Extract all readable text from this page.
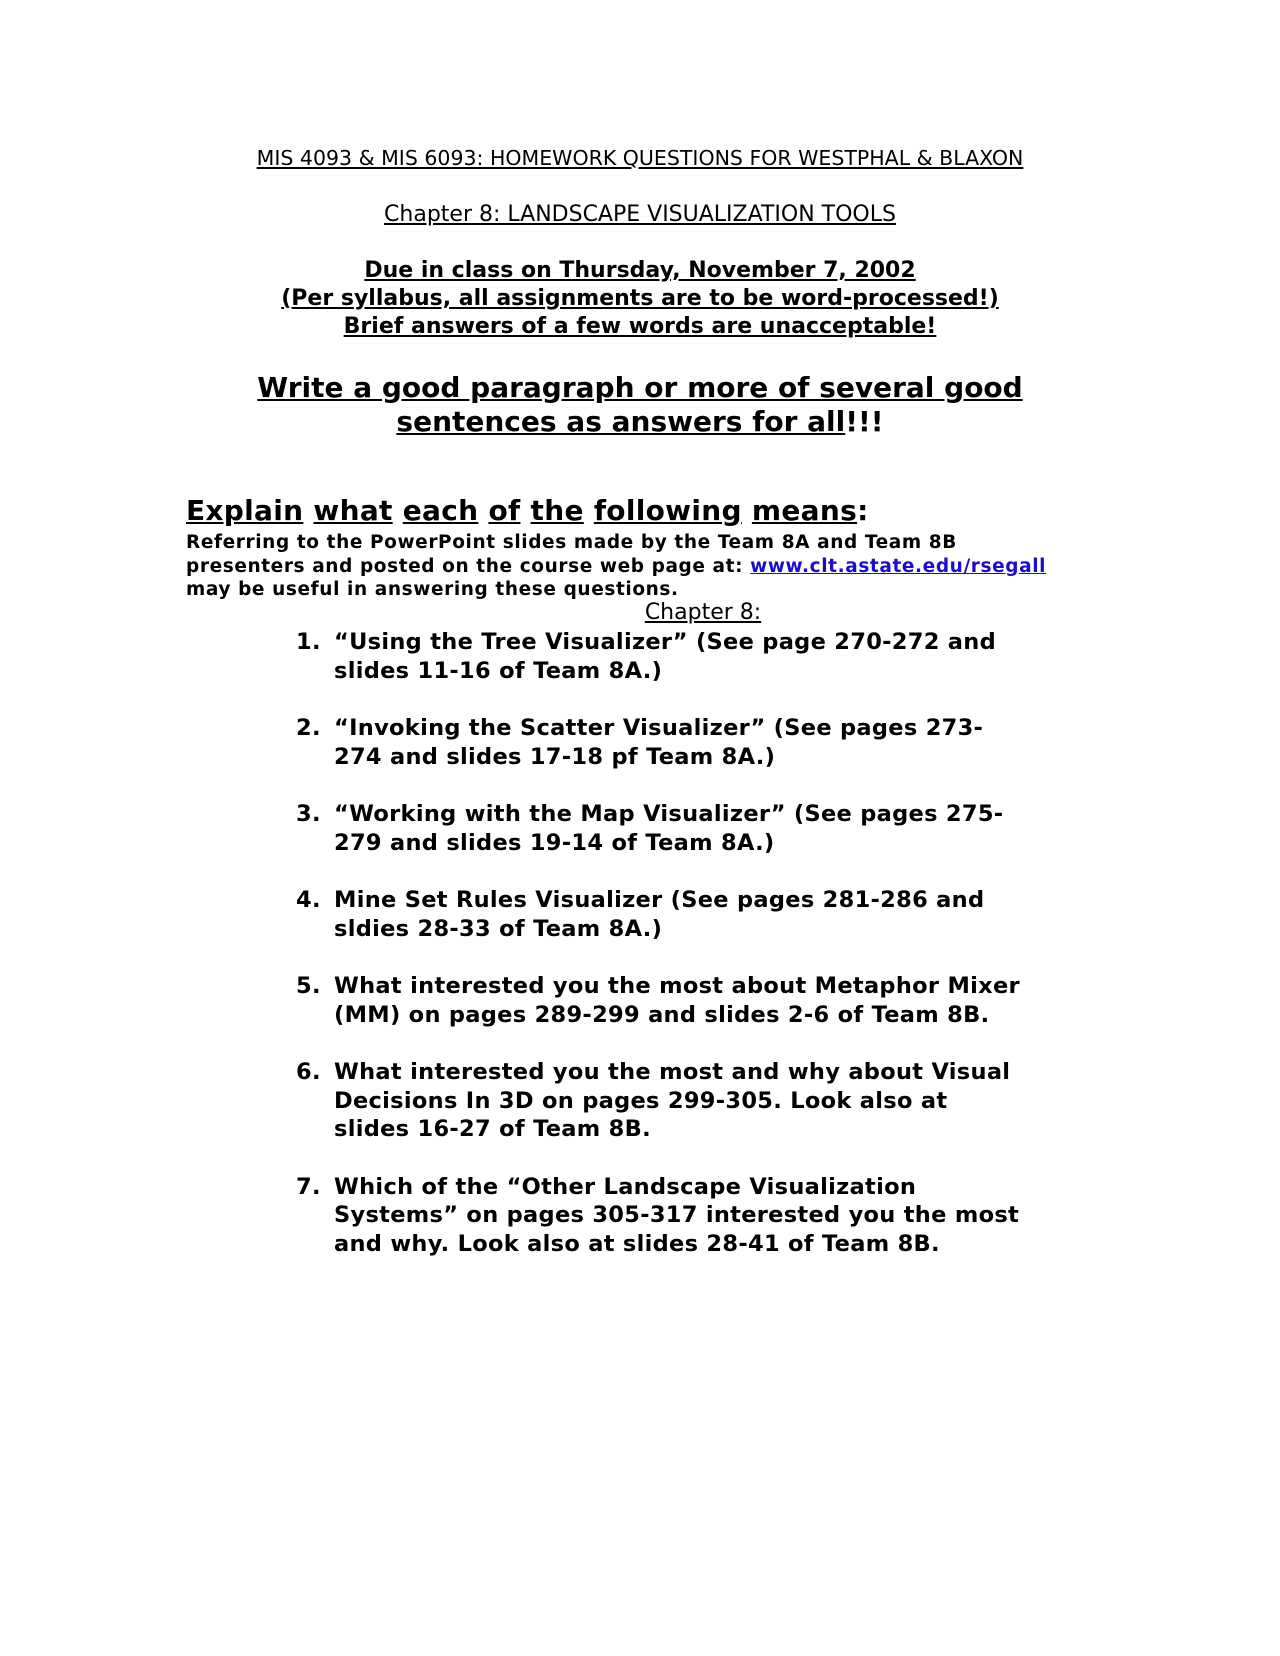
MIS 4093 & MIS 6093: HOMEWORK QUESTIONS FOR WESTPHAL & BLAXON
Chapter 8: LANDSCAPE VISUALIZATION TOOLS
Due in class on Thursday, November 7, 2002
(Per syllabus, all assignments are to be word-processed!)
Brief answers of a few words are unacceptable!
Write a good paragraph or more of several good
sentences as answers for all!!!
Explain what each of the following means:
Referring to the PowerPoint slides made by the Team 8A and Team 8B
presenters and posted on the course web page at: www.clt.astate.edu/rsegall
may be useful in answering these questions.
Chapter 8:
1. “Using the Tree Visualizer” (See page 270-272 and
slides 11-16 of Team 8A.)
2. “Invoking the Scatter Visualizer” (See pages 273-
274 and slides 17-18 pf Team 8A.)
3. “Working with the Map Visualizer” (See pages 275-
279 and slides 19-14 of Team 8A.)
4. Mine Set Rules Visualizer (See pages 281-286 and
sldies 28-33 of Team 8A.)
5. What interested you the most about Metaphor Mixer
(MM) on pages 289-299 and slides 2-6 of Team 8B.
6. What interested you the most and why about Visual
Decisions In 3D on pages 299-305. Look also at
slides 16-27 of Team 8B.
7. Which of the “Other Landscape Visualization
Systems” on pages 305-317 interested you the most
and why. Look also at slides 28-41 of Team 8B.
